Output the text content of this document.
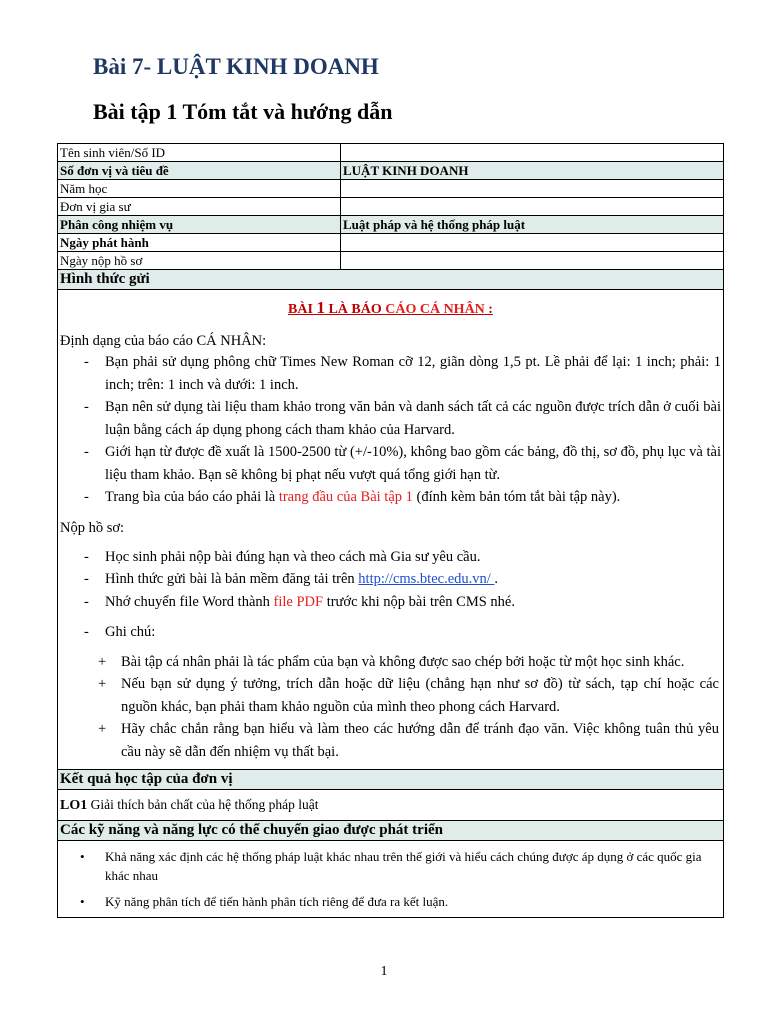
Bài 7- LUẬT KINH DOANH
Bài tập 1 Tóm tắt và hướng dẫn
Tên sinh viên/Số ID	
Số đơn vị và tiêu đề	LUẬT KINH DOANH
Năm học	
Đơn vị gia sư	
Phân công nhiệm vụ	Luật pháp và hệ thống pháp luật
Ngày phát hành	
Ngày nộp hồ sơ	
Hình thức gửi
BÀI 1 LÀ BÁO CÁO CÁ NHÂN :

Định dạng của báo cáo CÁ NHÂN:

- Bạn phải sử dụng phông chữ Times New Roman cỡ 12, giãn dòng 1,5 pt. Lề phải để lại: 1 inch; phải: 1 inch; trên: 1 inch và dưới: 1 inch.
- Bạn nên sử dụng tài liệu tham khảo trong văn bản và danh sách tất cả các nguồn được trích dẫn ở cuối bài luận bằng cách áp dụng phong cách tham khảo của Harvard.
- Giới hạn từ được đề xuất là 1500-2500 từ (+/-10%), không bao gồm các bảng, đồ thị, sơ đồ, phụ lục và tài liệu tham khảo. Bạn sẽ không bị phạt nếu vượt quá tổng giới hạn từ.
- Trang bìa của báo cáo phải là trang đầu của Bài tập 1 (đính kèm bản tóm tắt bài tập này).

Nộp hồ sơ:

- Học sinh phải nộp bài đúng hạn và theo cách mà Gia sư yêu cầu.
- Hình thức gửi bài là bản mềm đăng tải trên http://cms.btec.edu.vn/ .
- Nhớ chuyển file Word thành file PDF trước khi nộp bài trên CMS nhé.
- Ghi chú:
+ Bài tập cá nhân phải là tác phẩm của bạn và không được sao chép bởi hoặc từ một học sinh khác.
+ Nếu bạn sử dụng ý tưởng, trích dẫn hoặc dữ liệu (chẳng hạn như sơ đồ) từ sách, tạp chí hoặc các nguồn khác, bạn phải tham khảo nguồn của mình theo phong cách Harvard.
+ Hãy chắc chắn rằng bạn hiểu và làm theo các hướng dẫn để tránh đạo văn. Việc không tuân thủ yêu cầu này sẽ dẫn đến nhiệm vụ thất bại.
Kết quả học tập của đơn vị
LO1 Giải thích bản chất của hệ thống pháp luật
Các kỹ năng và năng lực có thể chuyển giao được phát triển
• Khả năng xác định các hệ thống pháp luật khác nhau trên thế giới và hiểu cách chúng được áp dụng ở các quốc gia khác nhau
• Kỹ năng phân tích để tiến hành phân tích riêng để đưa ra kết luận.
1
